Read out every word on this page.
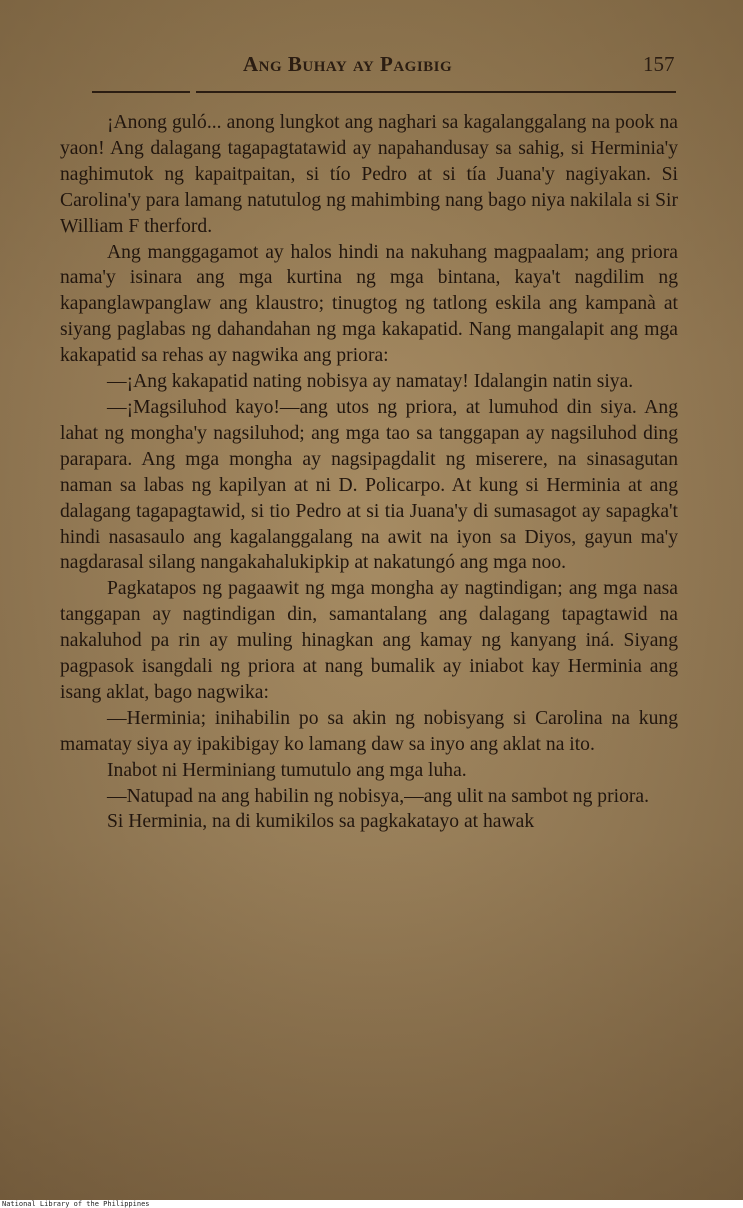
Ang Buhay ay Pagibig	157

¡Anong guló... anong lungkot ang naghari sa kagalanggalang na pook na yaon! Ang dalagang tagapagtatawid ay napahandusay sa sahig, si Herminia'y naghimutok ng kapaitpaitan, si tío Pedro at si tía Juana'y nagiyakan. Si Carolina'y para lamang natutulog ng mahimbing nang bago niya nakilala si Sir William F therford.

Ang manggagamot ay halos hindi na nakuhang magpaalam; ang priora nama'y isinara ang mga kurtina ng mga bintana, kaya't nagdilim ng kapanglawpanglaw ang klaustro; tinugtog ng tatlong eskila ang kampanà at siyang paglabas ng dahandahan ng mga kakapatid. Nang mangalapit ang mga kakapatid sa rehas ay nagwika ang priora:

—¡Ang kakapatid nating nobisya ay namatay! Idalangin natin siya.

—¡Magsiluhod kayo!—ang utos ng priora, at lumuhod din siya. Ang lahat ng mongha'y nagsiluhod; ang mga tao sa tanggapan ay nagsiluhod ding parapara. Ang mga mongha ay nagsipagdalit ng miserere, na sinasagutan naman sa labas ng kapilyan at ni D. Policarpo. At kung si Herminia at ang dalagang tagapagtawid, si tio Pedro at si tia Juana'y di sumasagot ay sapagka't hindi nasasaulo ang kagalanggalang na awit na iyon sa Diyos, gayun ma'y nagdarasal silang nangakahalukipkip at nakatungó ang mga noo.

Pagkatapos ng pagaawit ng mga mongha ay nagtindigan; ang mga nasa tanggapan ay nagtindigan din, samantalang ang dalagang tapagtawid na nakaluhod pa rin ay muling hinagkan ang kamay ng kanyang iná. Siyang pagpasok isangdali ng priora at nang bumalik ay iniabot kay Herminia ang isang aklat, bago nagwika:

—Herminia; inihabilin po sa akin ng nobisyang si Carolina na kung mamatay siya ay ipakibigay ko lamang daw sa inyo ang aklat na ito.

Inabot ni Herminiang tumutulo ang mga luha.

—Natupad na ang habilin ng nobisya,—ang ulit na sambot ng priora.

Si Herminia, na di kumikilos sa pagkakatayo at hawak

National Library of the Philippines
